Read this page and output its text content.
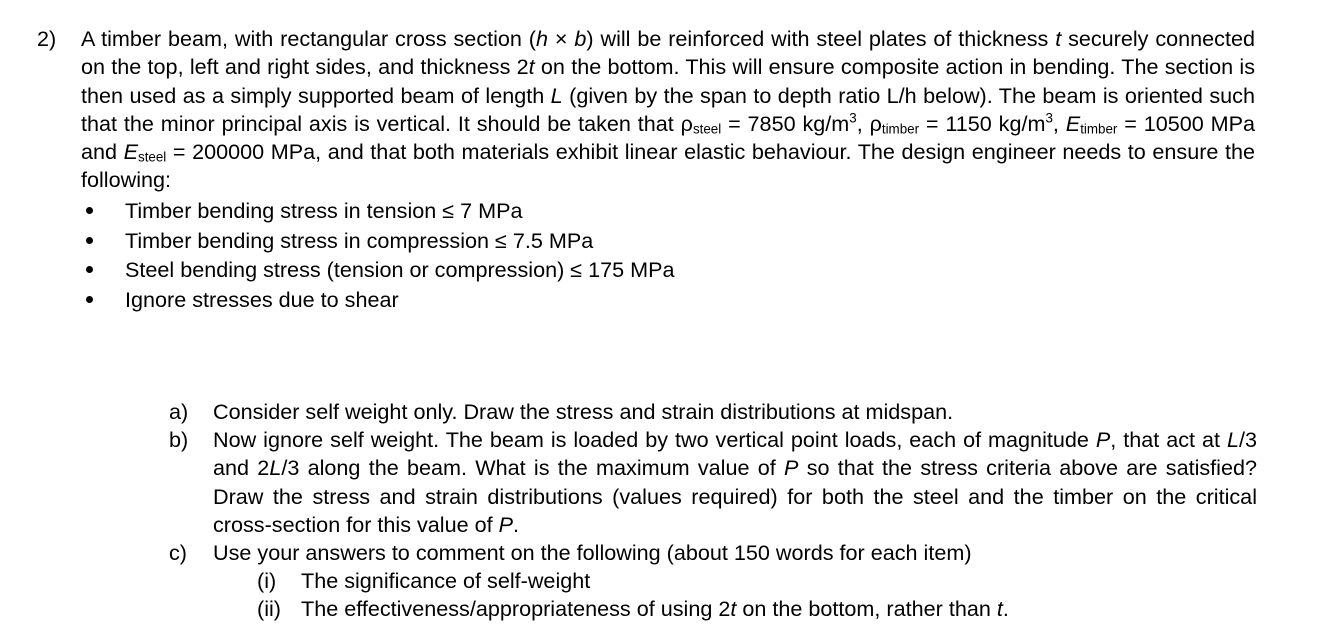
2) A timber beam, with rectangular cross section (h × b) will be reinforced with steel plates of thickness t securely connected on the top, left and right sides, and thickness 2t on the bottom. This will ensure composite action in bending. The section is then used as a simply supported beam of length L (given by the span to depth ratio L/h below). The beam is oriented such that the minor principal axis is vertical. It should be taken that $\rho_{steel} = 7850$ $kg/m^3$, $\rho_{timber} = 1150$ $kg/m^3$, $E_{timber} = 10500$ MPa and $E_{steel} = 200000$ MPa, and that both materials exhibit linear elastic behaviour. The design engineer needs to ensure the following:
Timber bending stress in tension ≤ 7 MPa
Timber bending stress in compression ≤ 7.5 MPa
Steel bending stress (tension or compression) ≤ 175 MPa
Ignore stresses due to shear
a) Consider self weight only. Draw the stress and strain distributions at midspan.
b) Now ignore self weight. The beam is loaded by two vertical point loads, each of magnitude P, that act at L/3 and 2L/3 along the beam. What is the maximum value of P so that the stress criteria above are satisfied? Draw the stress and strain distributions (values required) for both the steel and the timber on the critical cross-section for this value of P.
c) Use your answers to comment on the following (about 150 words for each item)
(i) The significance of self-weight
(ii) The effectiveness/appropriateness of using 2t on the bottom, rather than t.
